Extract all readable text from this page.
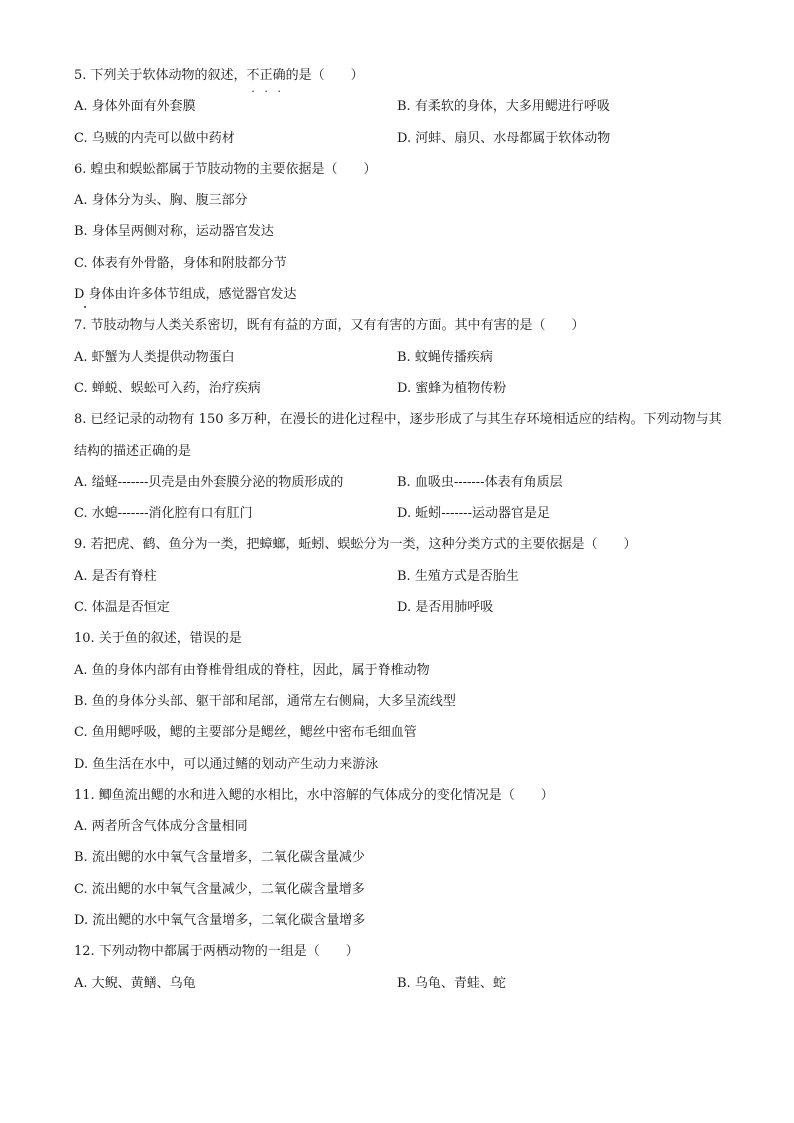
5. 下列关于软体动物的叙述，不正确的是（　　）
A. 身体外面有外套膜	B. 有柔软的身体，大多用鳃进行呼吸
C. 乌贼的内壳可以做中药材	D. 河蚌、扇贝、水母都属于软体动物
6. 蝗虫和蜈蚣都属于节肢动物的主要依据是（　　）
A. 身体分为头、胸、腹三部分
B. 身体呈两侧对称，运动器官发达
C. 体表有外骨骼，身体和附肢都分节
D 身体由许多体节组成，感觉器官发达
7. 节肢动物与人类关系密切，既有有益的方面，又有有害的方面。其中有害的是（　　）
A. 虾蟹为人类提供动物蛋白	B. 蚊蝇传播疾病
C. 蝉蜕、蜈蚣可入药，治疗疾病	D. 蜜蜂为植物传粉
8. 已经记录的动物有 150 多万种，在漫长的进化过程中，逐步形成了与其生存环境相适应的结构。下列动物与其结构的描述正确的是
A. 缢蛏-------贝壳是由外套膜分泌的物质形成的	B. 血吸虫-------体表有角质层
C. 水螅-------消化腔有口有肛门	D. 蚯蚓-------运动器官是足
9. 若把虎、鹤、鱼分为一类，把蟑螂，蚯蚓、蜈蚣分为一类，这种分类方式的主要依据是（　　）
A. 是否有脊柱	B. 生殖方式是否胎生
C. 体温是否恒定	D. 是否用肺呼吸
10. 关于鱼的叙述，错误的是
A. 鱼的身体内部有由脊椎骨组成的脊柱，因此，属于脊椎动物
B. 鱼的身体分头部、躯干部和尾部，通常左右侧扁，大多呈流线型
C. 鱼用鳃呼吸，鳃的主要部分是鳃丝，鳃丝中密布毛细血管
D. 鱼生活在水中，可以通过鳍的划动产生动力来游泳
11. 鲫鱼流出鳃的水和进入鳃的水相比，水中溶解的气体成分的变化情况是（　　）
A. 两者所含气体成分含量相同
B. 流出鳃的水中氧气含量增多，二氧化碳含量减少
C. 流出鳃的水中氧气含量减少，二氧化碳含量增多
D. 流出鳃的水中氧气含量增多，二氧化碳含量增多
12. 下列动物中都属于两栖动物的一组是（　　）
A. 大鲵、黄鳝、乌龟	B. 乌龟、青蛙、蛇
